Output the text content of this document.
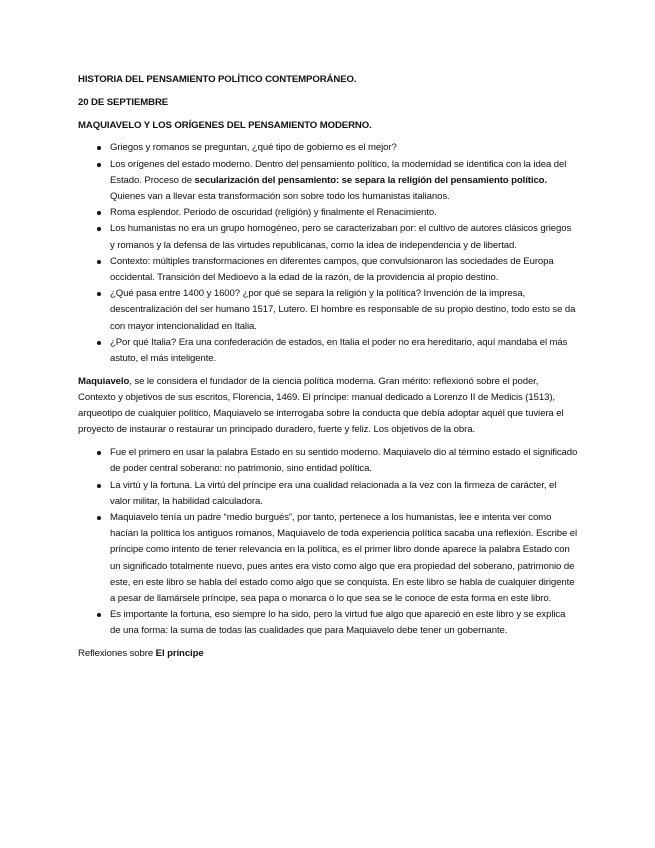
HISTORIA DEL PENSAMIENTO POLÍTICO CONTEMPORÁNEO.
20 DE SEPTIEMBRE
MAQUIAVELO Y LOS ORÍGENES DEL PENSAMIENTO MODERNO.
Griegos y romanos se preguntan, ¿qué tipo de gobierno es el mejor?
Los orígenes del estado moderno. Dentro del pensamiento político, la modernidad se identifica con la idea del Estado. Proceso de secularización del pensamiento: se separa la religión del pensamiento político. Quienes van a llevar esta transformación son sobre todo los humanistas italianos.
Roma esplendor. Periodo de oscuridad (religión) y finalmente el Renacimiento.
Los humanistas no era un grupo homogéneo, pero se caracterizaban por: el cultivo de autores clásicos griegos y romanos y la defensa de las virtudes republicanas, como la idea de independencia y de libertad.
Contexto: múltiples transformaciones en diferentes campos, que convulsionaron las sociedades de Europa occidental. Transición del Medioevo a la edad de la razón, de la providencia al propio destino.
¿Qué pasa entre 1400 y 1600? ¿por qué se separa la religión y la política? Invención de la impresa, descentralización del ser humano 1517, Lutero. El hombre es responsable de su propio destino, todo esto se da con mayor intencionalidad en Italia.
¿Por qué Italia? Era una confederación de estados, en Italia el poder no era hereditario, aquí mandaba el más astuto, el más inteligente.

Maquiavelo, se le considera el fundador de la ciencia política moderna. Gran mérito: reflexionó sobre el poder, Contexto y objetivos de sus escritos, Florencia, 1469. El príncipe: manual dedicado a Lorenzo II de Medicis (1513), arqueotipo de cualquier político, Maquiavelo se interrogaba sobre la conducta que debía adoptar aquél que tuviera el proyecto de instaurar o restaurar un principado duradero, fuerte y feliz. Los objetivos de la obra.

Fue el primero en usar la palabra Estado en su sentido moderno. Maquiavelo dio al término estado el significado de poder central soberano: no patrimonio, sino entidad política.
La virtú y la fortuna. La virtú del príncipe era una cualidad relacionada a la vez con la firmeza de carácter, el valor militar, la habilidad calculadora.
Maquiavelo tenía un padre “medio burgués”, por tanto, pertenece a los humanistas, lee e intenta ver como hacían la política los antiguos romanos, Maquiavelo de toda experiencia política sacaba una reflexión. Escribe el príncipe como intento de tener relevancia en la política, es el primer libro donde aparece la palabra Estado con un significado totalmente nuevo, pues antes era visto como algo que era propiedad del soberano, patrimonio de este, en este libro se habla del estado como algo que se conquista. En este libro se habla de cualquier dirigente a pesar de llamársele príncipe, sea papa o monarca o lo que sea se le conoce de esta forma en este libro.
Es importante la fortuna, eso siempre lo ha sido, pero la virtud fue algo que apareció en este libro y se explica de una forma: la suma de todas las cualidades que para Maquiavelo debe tener un gobernante.

Reflexiones sobre El príncipe
